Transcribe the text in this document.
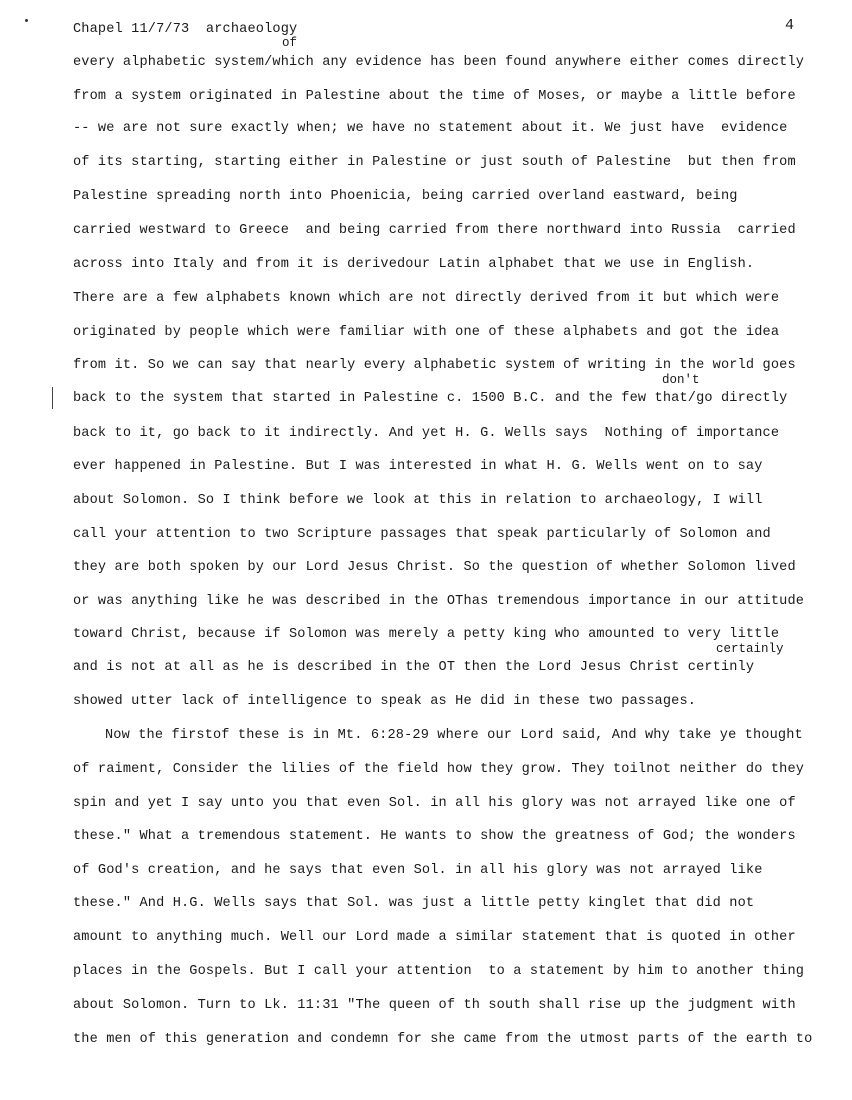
Chapel 11/7/73  archaeology	4
of
don't
certainly
every alphabetic system/which any evidence has been found anywhere either comes directly
from a system originated in Palestine about the time of Moses, or maybe a little before
-- we are not sure exactly when; we have no statement about it. We just have  evidence
of its starting, starting either in Palestine or just south of Palestine  but then from
Palestine spreading north into Phoenicia, being carried overland eastward, being
carried westward to Greece  and being carried from there northward into Russia  carried
across into Italy and from it is derivedour Latin alphabet that we use in English.
There are a few alphabets known which are not directly derived from it but which were
originated by people which were familiar with one of these alphabets and got the idea
from it. So we can say that nearly every alphabetic system of writing in the world goes
back to the system that started in Palestine c. 1500 B.C. and the few that/go directly
back to it, go back to it indirectly. And yet H. G. Wells says  Nothing of importance
ever happened in Palestine. But I was interested in what H. G. Wells went on to say
about Solomon. So I think before we look at this in relation to archaeology, I will
call your attention to two Scripture passages that speak particularly of Solomon and
they are both spoken by our Lord Jesus Christ. So the question of whether Solomon lived
or was anything like he was described in the OThas tremendous importance in our attitude
toward Christ, because if Solomon was merely a petty king who amounted to very little
and is not at all as he is described in the OT then the Lord Jesus Christ certinly
showed utter lack of intelligence to speak as He did in these two passages.
Now the firstof these is in Mt. 6:28-29 where our Lord said, And why take ye thought
of raiment, Consider the lilies of the field how they grow. They toilnot neither do they
spin and yet I say unto you that even Sol. in all his glory was not arrayed like one of
these." What a tremendous statement. He wants to show the greatness of God; the wonders
of God's creation, and he says that even Sol. in all his glory was not arrayed like
these." And H.G. Wells says that Sol. was just a little petty kinglet that did not
amount to anything much. Well our Lord made a similar statement that is quoted in other
places in the Gospels. But I call your attention  to a statement by him to another thing
about Solomon. Turn to Lk. 11:31 "The queen of th south shall rise up the judgment with
the men of this generation and condemn for she came from the utmost parts of the earth to
